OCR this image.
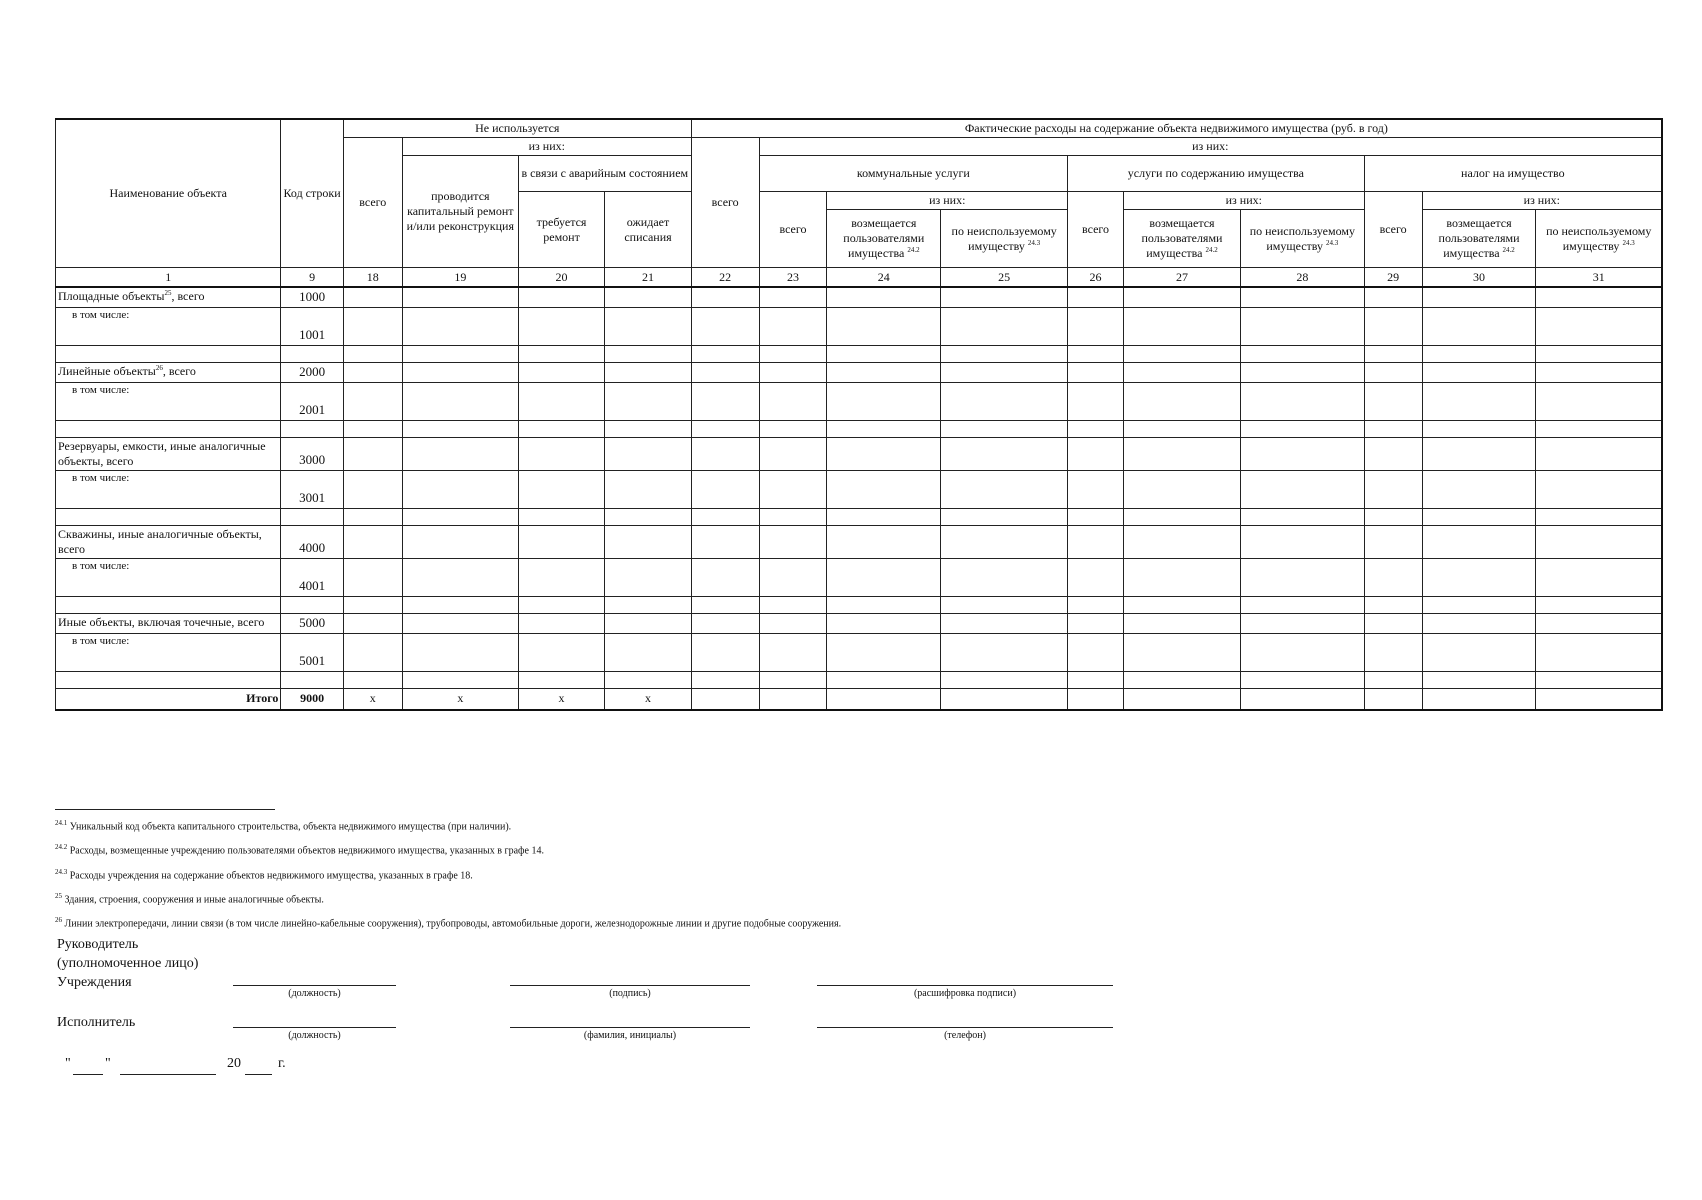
Наименование объекта	Код строки	Не используется				Фактические расходы на содержание объекта недвижимого имущества (руб. в год)									
		всего	из них:			всего	из них:								
			проводится капитальный ремонт и/или реконструкция	в связи с аварийным состоянием			коммунальные услуги			услуги по содержанию имущества			налог на имущество		
				требуется ремонт	ожидает списания		всего	из них:		всего	из них:		всего	из них:	
								возмещается пользователями имущества $^{24.2}$	по неиспользуемому имуществу $^{24.3}$		возмещается пользователями имущества $^{24.2}$	по неиспользуемому имуществу $^{24.3}$		возмещается пользователями имущества $^{24.2}$	по неиспользуемому имуществу $^{24.3}$
1	9	18	19	20	21	22	23	24	25	26	27	28	29	30	31
Площадные объекты$^{25}$, всего	1000														
в том числе:	1001														

Линейные объекты$^{26}$, всего	2000														
в том числе:	2001														

Резервуары, емкости, иные аналогичные объекты, всего	3000														
в том числе:	3001														

Скважины, иные аналогичные объекты, всего	4000														
в том числе:	4001														

Иные объекты, включая точечные, всего	5000														
в том числе:	5001														

Итого	9000	x	x	x	x										
$^{24.1}$ Уникальный код объекта капитального строительства, объекта недвижимого имущества (при наличии).
$^{24.2}$ Расходы, возмещенные учреждению пользователями объектов недвижимого имущества, указанных в графе 14.
$^{24.3}$ Расходы учреждения на содержание объектов недвижимого имущества, указанных в графе 18.
$^{25}$ Здания, строения, сооружения и иные аналогичные объекты.
$^{26}$ Линии электропередачи, линии связи (в том числе линейно-кабельные сооружения), трубопроводы, автомобильные дороги, железнодорожные линии и другие подобные сооружения.
Руководитель
(уполномоченное лицо)
Учреждения
(должность)	(подпись)	(расшифровка подписи)
Исполнитель
(должность)	(фамилия, инициалы)	(телефон)
" "	20	г.
